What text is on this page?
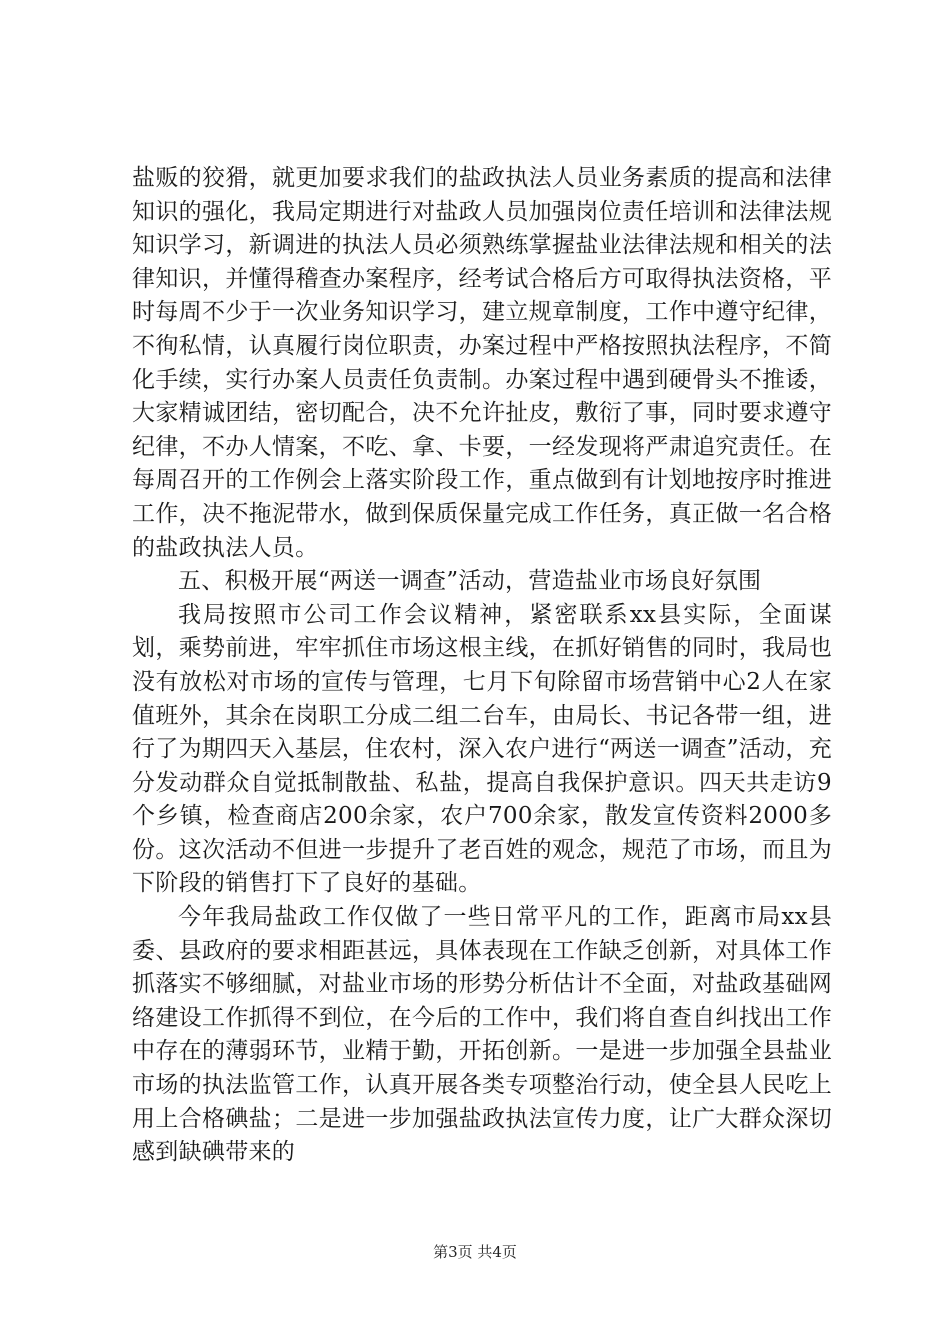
盐贩的狡猾，就更加要求我们的盐政执法人员业务素质的提高和法律知识的强化，我局定期进行对盐政人员加强岗位责任培训和法律法规知识学习，新调进的执法人员必须熟练掌握盐业法律法规和相关的法律知识，并懂得稽查办案程序，经考试合格后方可取得执法资格，平时每周不少于一次业务知识学习，建立规章制度，工作中遵守纪律，不徇私情，认真履行岗位职责，办案过程中严格按照执法程序，不简化手续，实行办案人员责任负责制。办案过程中遇到硬骨头不推诿，大家精诚团结，密切配合，决不允许扯皮，敷衍了事，同时要求遵守纪律，不办人情案，不吃、拿、卡要，一经发现将严肃追究责任。在每周召开的工作例会上落实阶段工作，重点做到有计划地按序时推进工作，决不拖泥带水，做到保质保量完成工作任务，真正做一名合格的盐政执法人员。

五、积极开展“两送一调查”活动，营造盐业市场良好氛围

我局按照市公司工作会议精神，紧密联系xx县实际，全面谋划，乘势前进，牢牢抓住市场这根主线，在抓好销售的同时，我局也没有放松对市场的宣传与管理，七月下旬除留市场营销中心2人在家值班外，其余在岗职工分成二组二台车，由局长、书记各带一组，进行了为期四天入基层，住农村，深入农户进行“两送一调查”活动，充分发动群众自觉抵制散盐、私盐，提高自我保护意识。四天共走访9个乡镇，检查商店200余家，农户700余家，散发宣传资料2000多份。这次活动不但进一步提升了老百姓的观念，规范了市场，而且为下阶段的销售打下了良好的基础。

今年我局盐政工作仅做了一些日常平凡的工作，距离市局xx县委、县政府的要求相距甚远，具体表现在工作缺乏创新，对具体工作抓落实不够细腻，对盐业市场的形势分析估计不全面，对盐政基础网络建设工作抓得不到位，在今后的工作中，我们将自查自纠找出工作中存在的薄弱环节，业精于勤，开拓创新。一是进一步加强全县盐业市场的执法监管工作，认真开展各类专项整治行动，使全县人民吃上用上合格碘盐；二是进一步加强盐政执法宣传力度，让广大群众深切感到缺碘带来的

第3页 共4页
